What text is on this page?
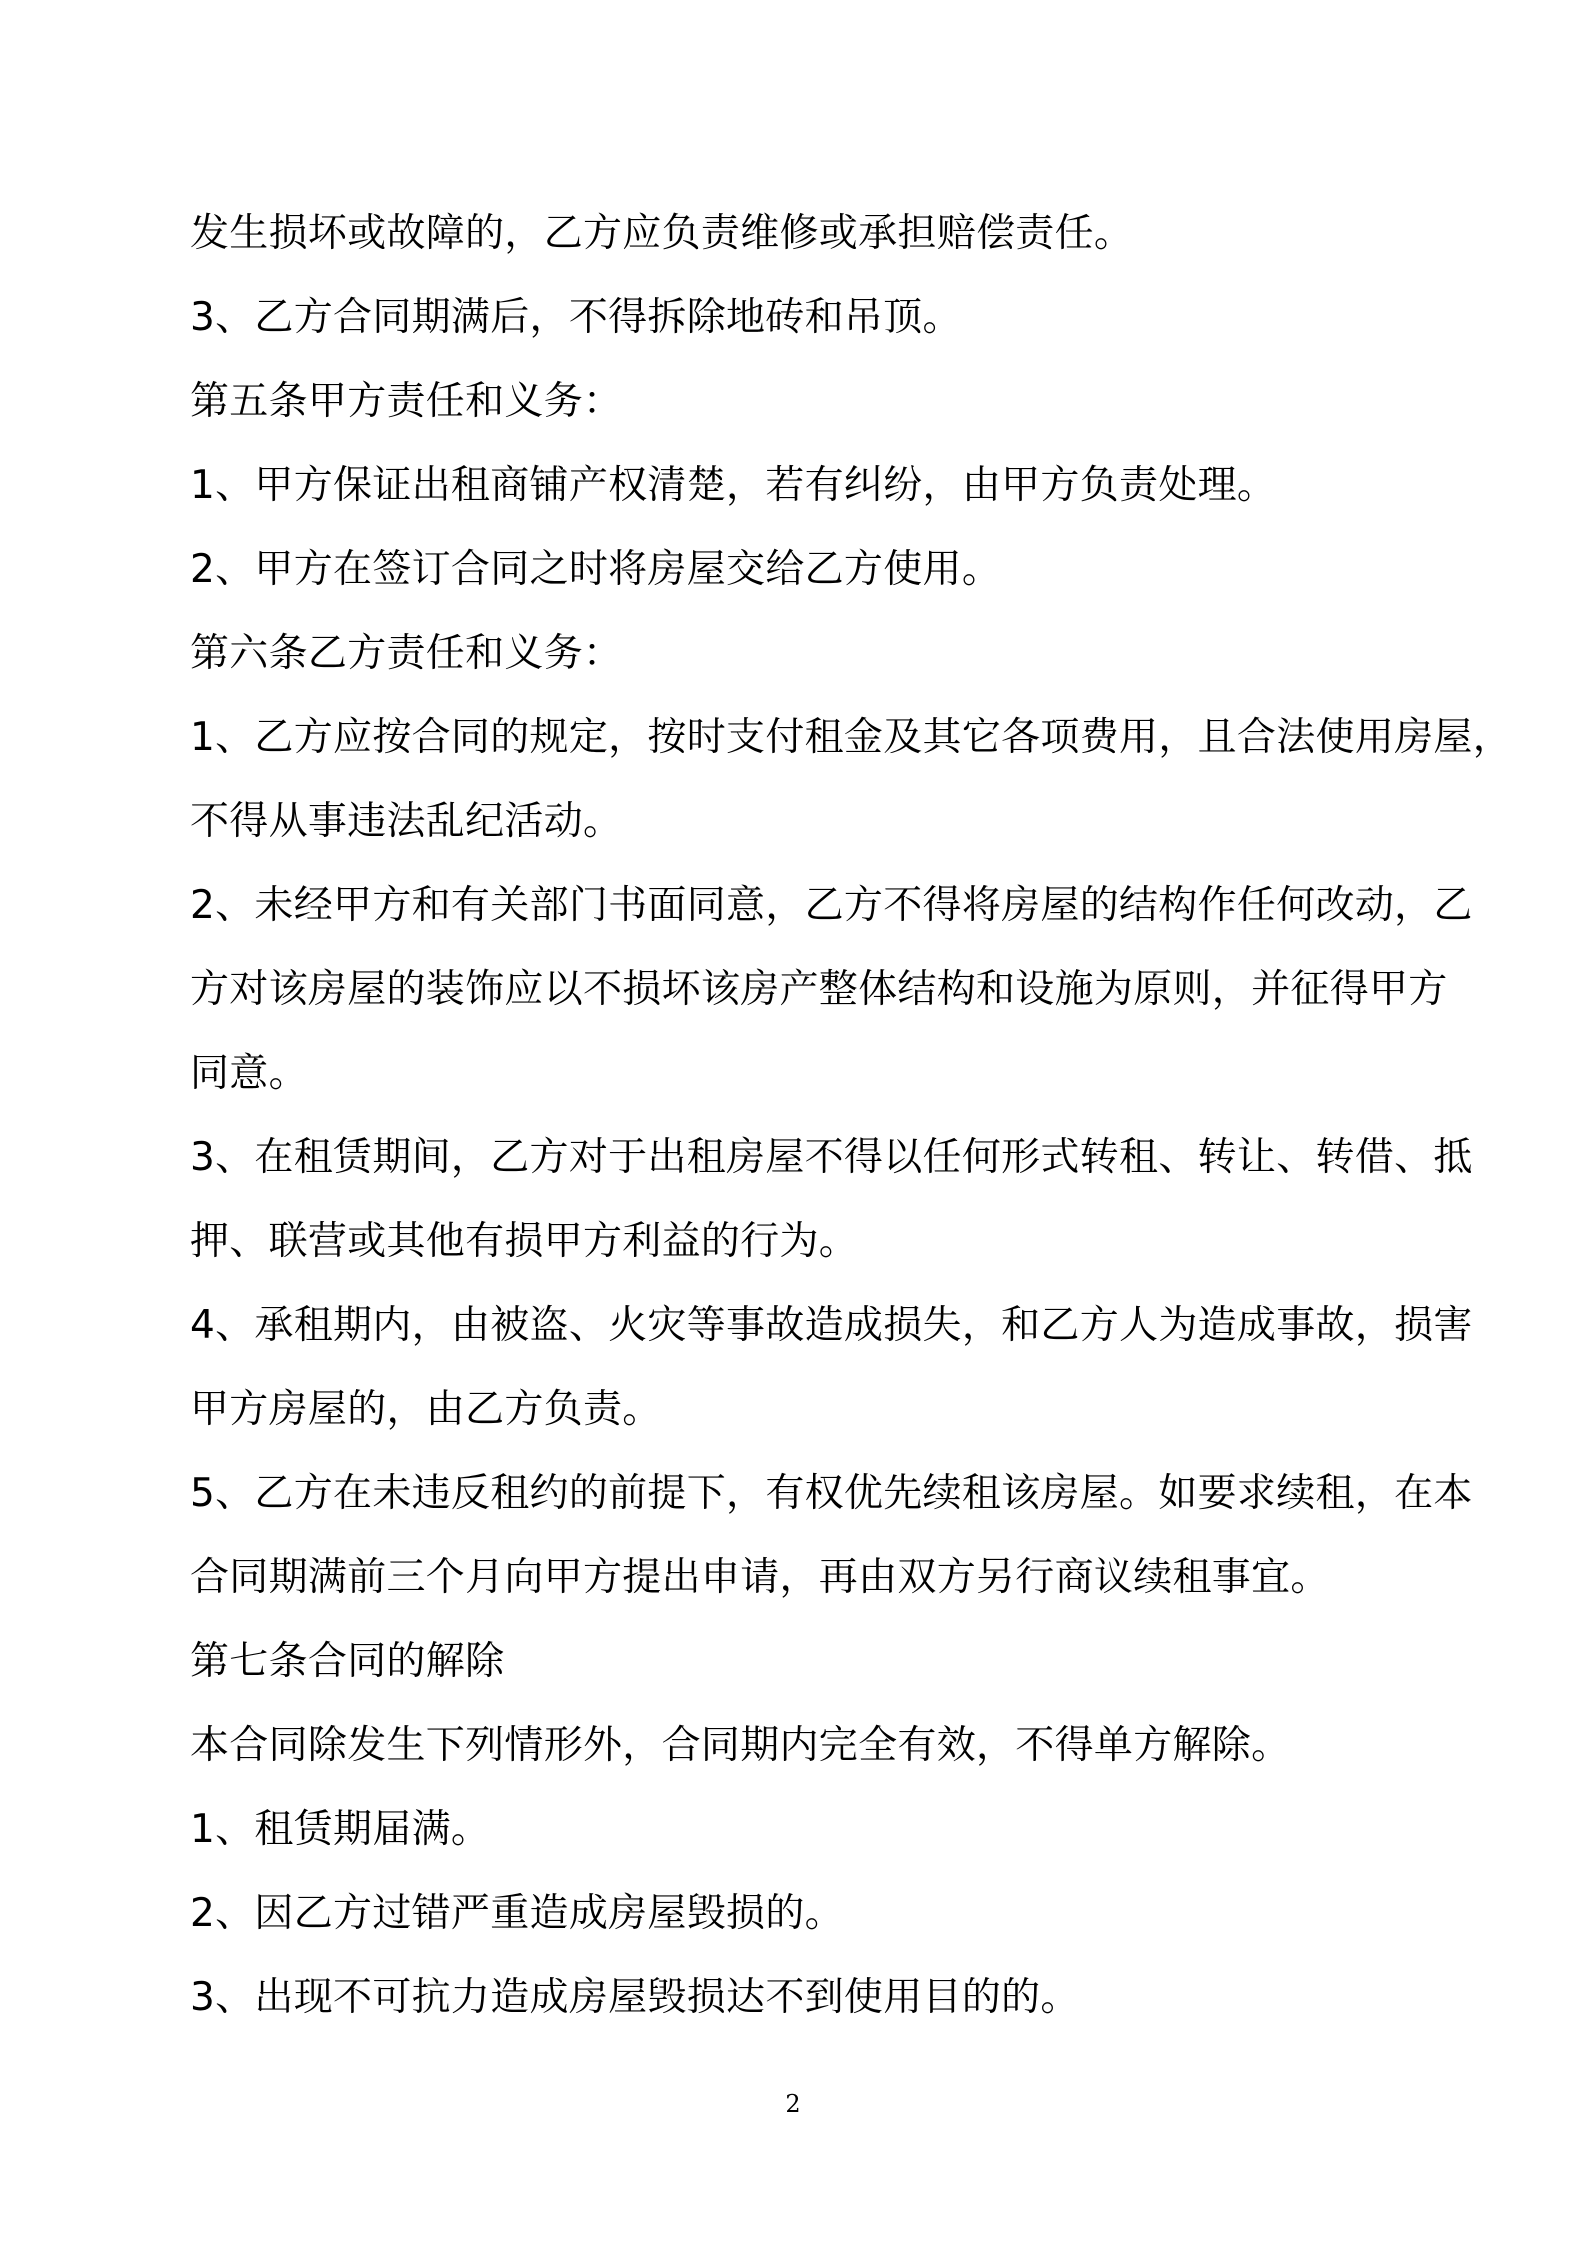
发生损坏或故障的，乙方应负责维修或承担赔偿责任。
3、乙方合同期满后，不得拆除地砖和吊顶。
第五条甲方责任和义务：
1、甲方保证出租商铺产权清楚，若有纠纷，由甲方负责处理。
2、甲方在签订合同之时将房屋交给乙方使用。
第六条乙方责任和义务：
1、乙方应按合同的规定，按时支付租金及其它各项费用，且合法使用房屋，
不得从事违法乱纪活动。
2、未经甲方和有关部门书面同意，乙方不得将房屋的结构作任何改动，乙
方对该房屋的装饰应以不损坏该房产整体结构和设施为原则，并征得甲方
同意。
3、在租赁期间，乙方对于出租房屋不得以任何形式转租、转让、转借、抵
押、联营或其他有损甲方利益的行为。
4、承租期内，由被盗、火灾等事故造成损失，和乙方人为造成事故，损害
甲方房屋的，由乙方负责。
5、乙方在未违反租约的前提下，有权优先续租该房屋。如要求续租，在本
合同期满前三个月向甲方提出申请，再由双方另行商议续租事宜。
第七条合同的解除
本合同除发生下列情形外，合同期内完全有效，不得单方解除。
1、租赁期届满。
2、因乙方过错严重造成房屋毁损的。
3、出现不可抗力造成房屋毁损达不到使用目的的。
2
